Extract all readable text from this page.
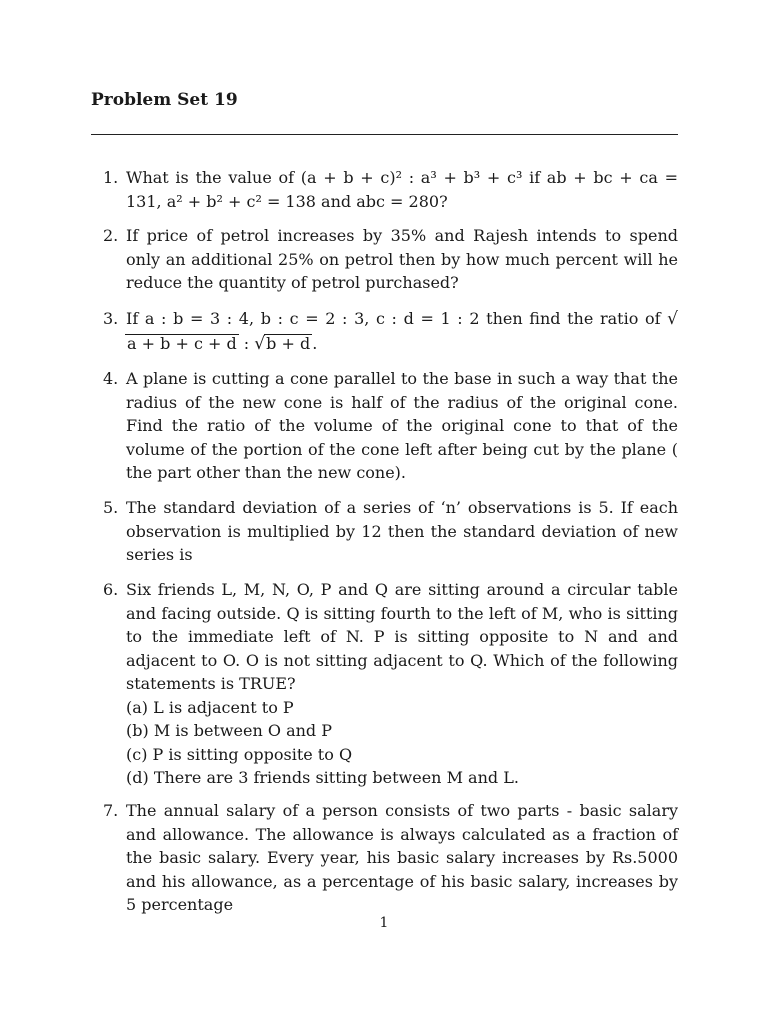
Problem Set 19
1. What is the value of (a + b + c)² : a³ + b³ + c³ if ab + bc + ca = 131, a² + b² + c² = 138 and abc = 280?

2. If price of petrol increases by 35% and Rajesh intends to spend only an additional 25% on petrol then by how much percent will he reduce the quantity of petrol purchased?

3. If a : b = 3 : 4, b : c = 2 : 3, c : d = 1 : 2 then find the ratio of √a + b + c + d : √b + d .

4. A plane is cutting a cone parallel to the base in such a way that the radius of the new cone is half of the radius of the original cone. Find the ratio of the volume of the original cone to that of the volume of the portion of the cone left after being cut by the plane ( the part other than the new cone).

5. The standard deviation of a series of ‘n’ observations is 5. If each observation is multiplied by 12 then the standard deviation of new series is

6. Six friends L, M, N, O, P and Q are sitting around a circular table and facing outside. Q is sitting fourth to the left of M, who is sitting to the immediate left of N. P is sitting opposite to N and and adjacent to O. O is not sitting adjacent to Q. Which of the following statements is TRUE?

(a) L is adjacent to P
(b) M is between O and P
(c) P is sitting opposite to Q
(d) There are 3 friends sitting between M and L.
7. The annual salary of a person consists of two parts - basic salary and allowance. The allowance is always calculated as a fraction of the basic salary. Every year, his basic salary increases by Rs.5000 and his allowance, as a percentage of his basic salary, increases by 5 percentage

1
